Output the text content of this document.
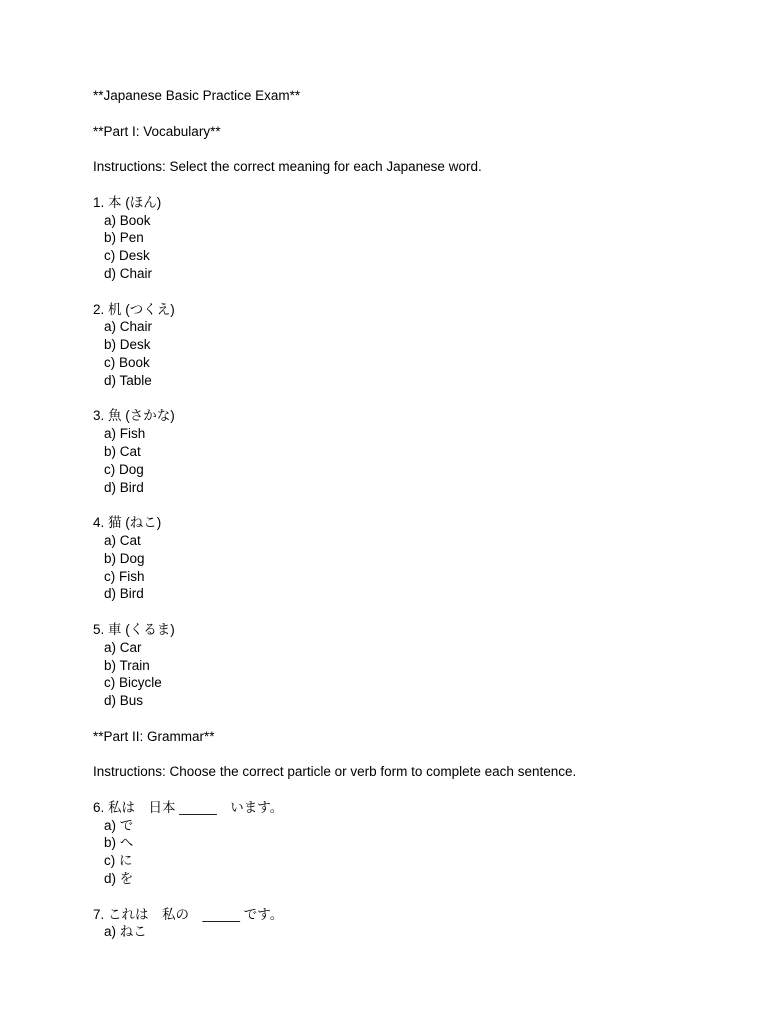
**Japanese Basic Practice Exam**
**Part I: Vocabulary**
Instructions: Select the correct meaning for each Japanese word.
1. 本 (ほん)
a) Book
b) Pen
c) Desk
d) Chair
2. 机 (つくえ)
a) Chair
b) Desk
c) Book
d) Table
3. 魚 (さかな)
a) Fish
b) Cat
c) Dog
d) Bird
4. 猫 (ねこ)
a) Cat
b) Dog
c) Fish
d) Bird
5. 車 (くるま)
a) Car
b) Train
c) Bicycle
d) Bus
**Part II: Grammar**
Instructions: Choose the correct particle or verb form to complete each sentence.
6. 私は　日本 _____　います。
a) で
b) へ
c) に
d) を
7. これは　私の　_____ です。
a) ねこ
